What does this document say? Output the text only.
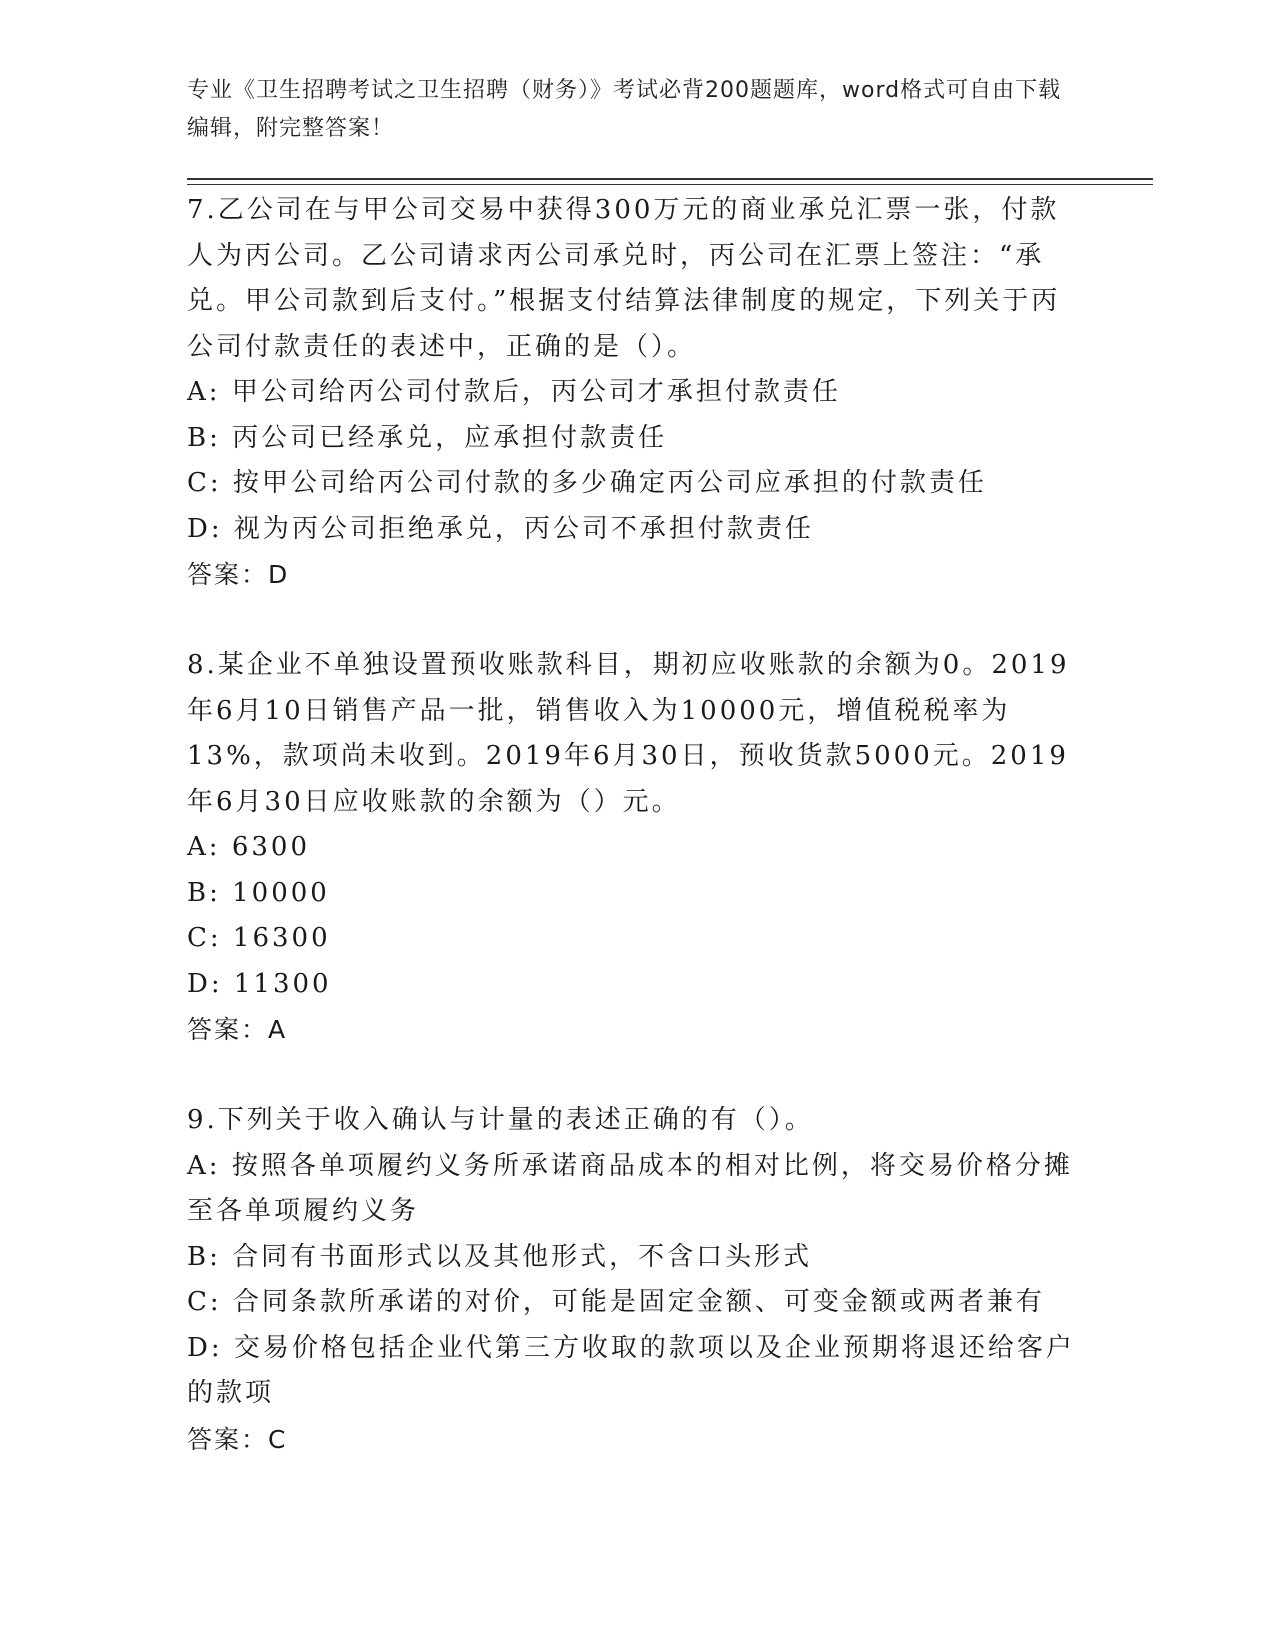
专业《卫生招聘考试之卫生招聘（财务）》考试必背200题题库，word格式可自由下载编辑，附完整答案！

7.乙公司在与甲公司交易中获得300万元的商业承兑汇票一张，付款人为丙公司。乙公司请求丙公司承兑时，丙公司在汇票上签注：“承兑。甲公司款到后支付。”根据支付结算法律制度的规定，下列关于丙公司付款责任的表述中，正确的是（）。

A: 甲公司给丙公司付款后，丙公司才承担付款责任

B: 丙公司已经承兑，应承担付款责任

C: 按甲公司给丙公司付款的多少确定丙公司应承担的付款责任

D: 视为丙公司拒绝承兑，丙公司不承担付款责任

答案：D

8.某企业不单独设置预收账款科目，期初应收账款的余额为0。2019年6月10日销售产品一批，销售收入为10000元，增值税税率为13%，款项尚未收到。2019年6月30日，预收货款5000元。2019年6月30日应收账款的余额为（）元。

A: 6300

B: 10000

C: 16300

D: 11300

答案：A

9.下列关于收入确认与计量的表述正确的有（）。

A: 按照各单项履约义务所承诺商品成本的相对比例，将交易价格分摊至各单项履约义务

B: 合同有书面形式以及其他形式，不含口头形式

C: 合同条款所承诺的对价，可能是固定金额、可变金额或两者兼有

D: 交易价格包括企业代第三方收取的款项以及企业预期将退还给客户的款项

答案：C
